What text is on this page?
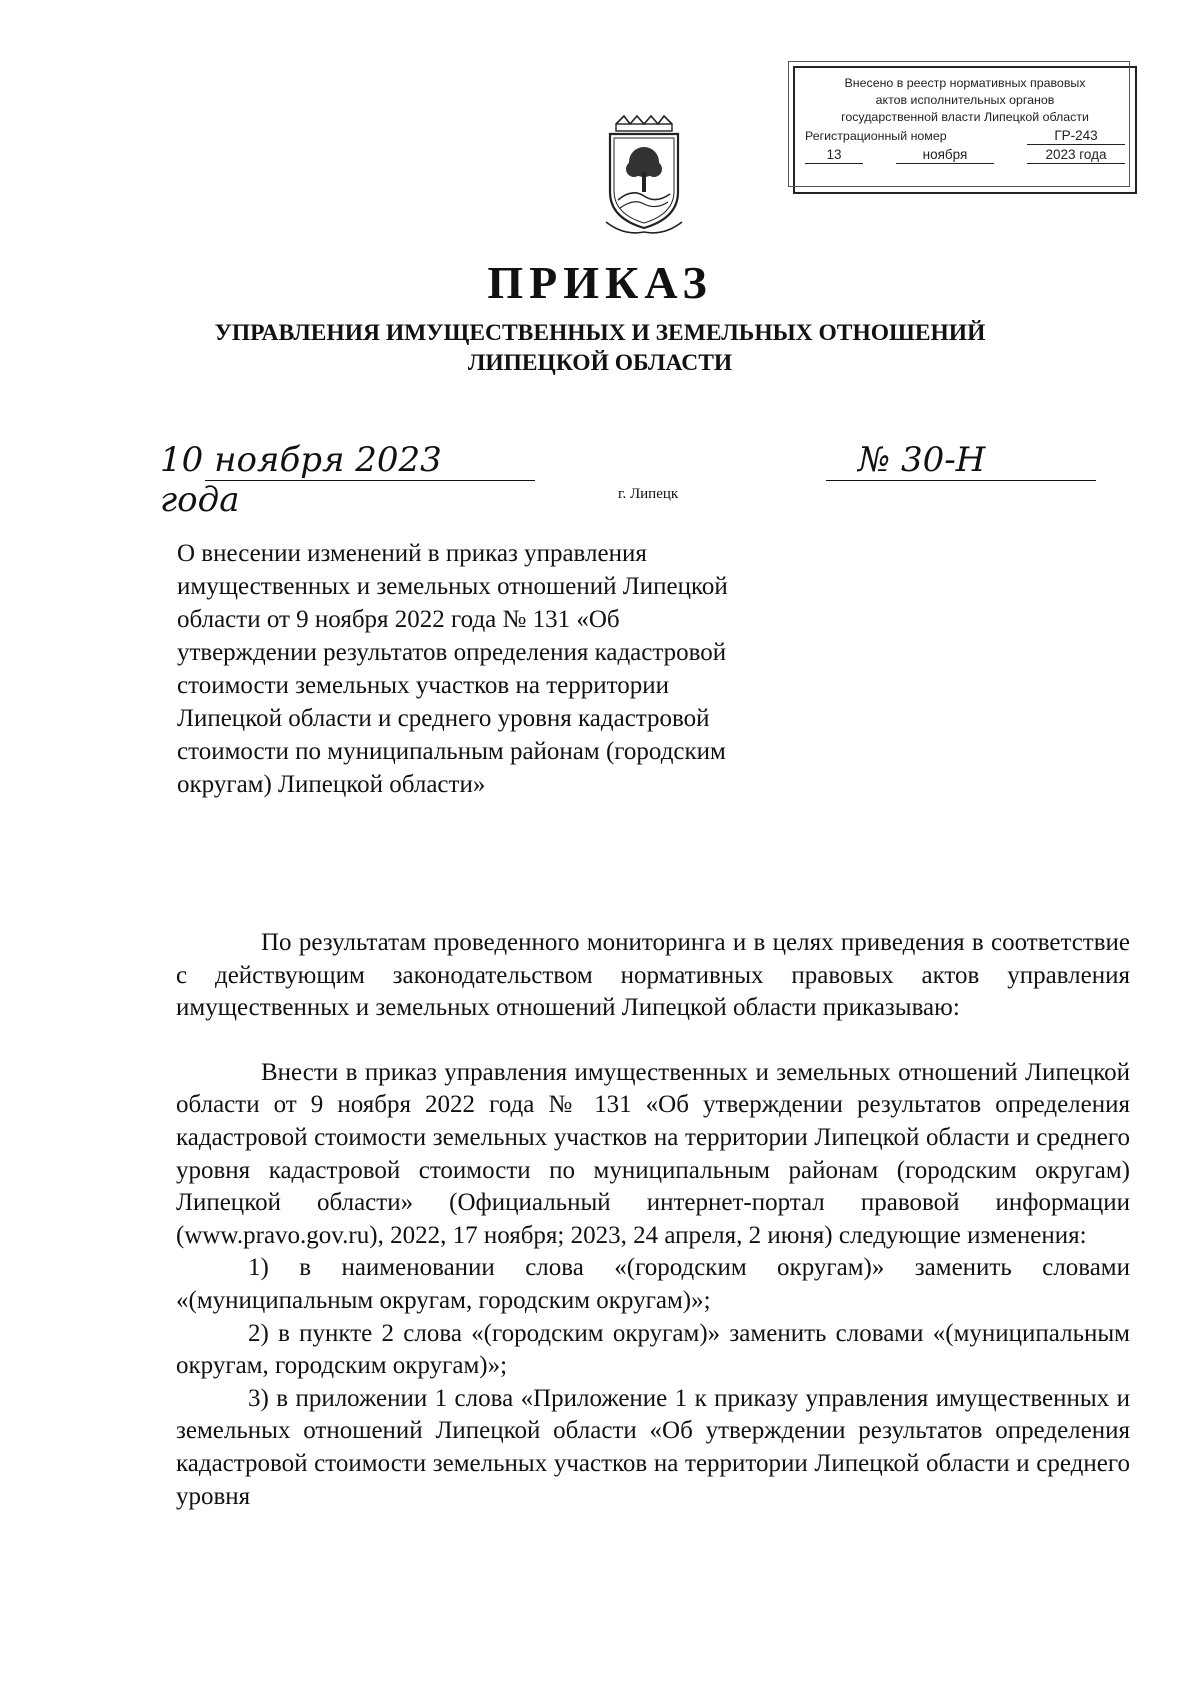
Внесено в реестр нормативных правовых
актов исполнительных органов
государственной власти Липецкой области
Регистрационный номер	ГР-243
13	ноября	2023 года
ПРИКАЗ
УПРАВЛЕНИЯ ИМУЩЕСТВЕННЫХ И ЗЕМЕЛЬНЫХ ОТНОШЕНИЙ
ЛИПЕЦКОЙ ОБЛАСТИ
10 ноября 2023 года
№ 30-Н
г. Липецк
О внесении изменений в приказ управления имущественных и земельных отношений Липецкой области от 9 ноября 2022 года № 131 «Об утверждении результатов определения кадастровой стоимости земельных участков на территории Липецкой области и среднего уровня кадастровой стоимости по муниципальным районам (городским округам) Липецкой области»

По результатам проведенного мониторинга и в целях приведения в соответствие с действующим законодательством нормативных правовых актов управления имущественных и земельных отношений Липецкой области приказываю:

Внести в приказ управления имущественных и земельных отношений Липецкой области от 9 ноября 2022 года № 131 «Об утверждении результатов определения кадастровой стоимости земельных участков на территории Липецкой области и среднего уровня кадастровой стоимости по муниципальным районам (городским округам) Липецкой области» (Официальный интернет-портал правовой информации (www.pravo.gov.ru), 2022, 17 ноября; 2023, 24 апреля, 2 июня) следующие изменения:

1) в наименовании слова «(городским округам)» заменить словами «(муниципальным округам, городским округам)»;

2) в пункте 2 слова «(городским округам)» заменить словами «(муниципальным округам, городским округам)»;

3) в приложении 1 слова «Приложение 1 к приказу управления имущественных и земельных отношений Липецкой области «Об утверждении результатов определения кадастровой стоимости земельных участков на территории Липецкой области и среднего уровня
